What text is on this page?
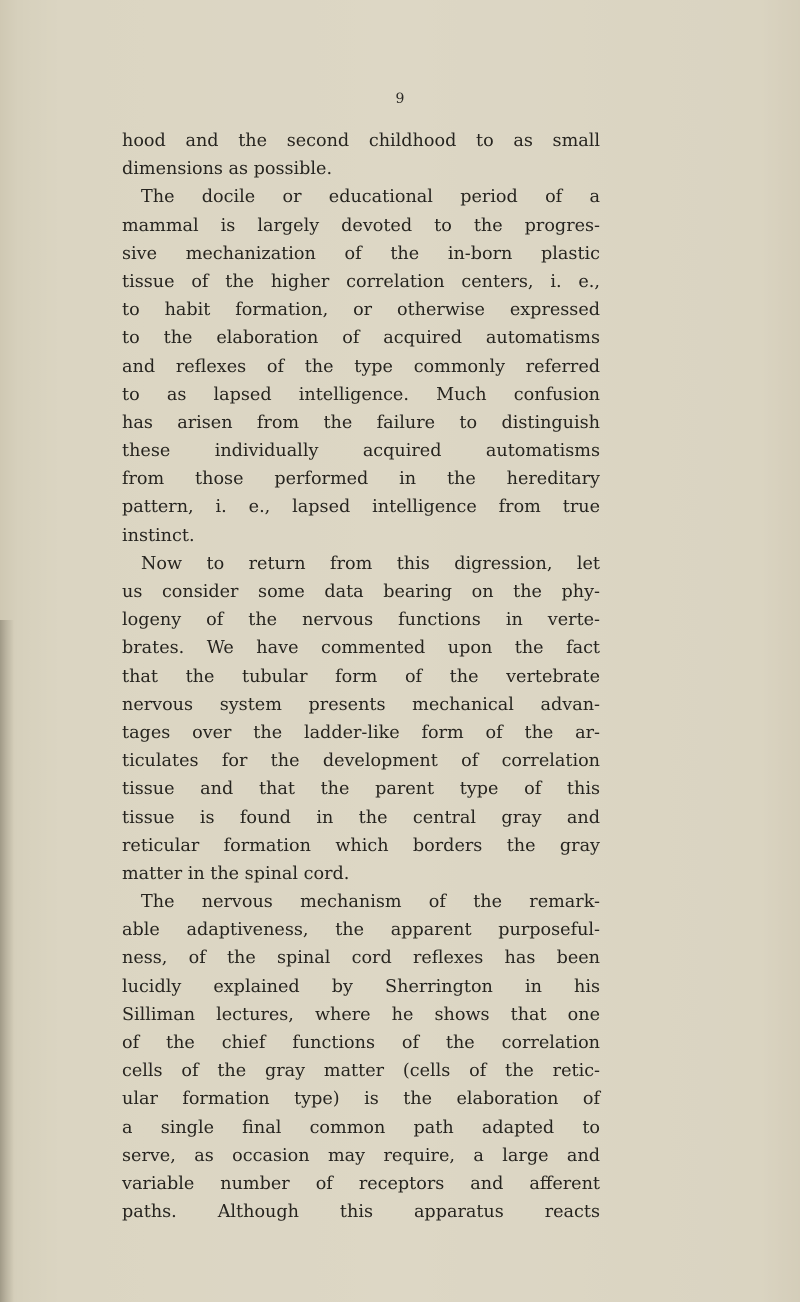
9
hood and the second childhood to as small
dimensions as possible.
The docile or educational period of a
mammal is largely devoted to the progres-
sive mechanization of the in-born plastic
tissue of the higher correlation centers, i. e.,
to habit formation, or otherwise expressed
to the elaboration of acquired automatisms
and reflexes of the type commonly referred
to as lapsed intelligence. Much confusion
has arisen from the failure to distinguish
these individually acquired automatisms
from those performed in the hereditary
pattern, i. e., lapsed intelligence from true
instinct.
Now to return from this digression, let
us consider some data bearing on the phy-
logeny of the nervous functions in verte-
brates. We have commented upon the fact
that the tubular form of the vertebrate
nervous system presents mechanical advan-
tages over the ladder-like form of the ar-
ticulates for the development of correlation
tissue and that the parent type of this
tissue is found in the central gray and
reticular formation which borders the gray
matter in the spinal cord.
The nervous mechanism of the remark-
able adaptiveness, the apparent purposeful-
ness, of the spinal cord reflexes has been
lucidly explained by Sherrington in his
Silliman lectures, where he shows that one
of the chief functions of the correlation
cells of the gray matter (cells of the retic-
ular formation type) is the elaboration of
a single final common path adapted to
serve, as occasion may require, a large and
variable number of receptors and afferent
paths. Although this apparatus reacts
